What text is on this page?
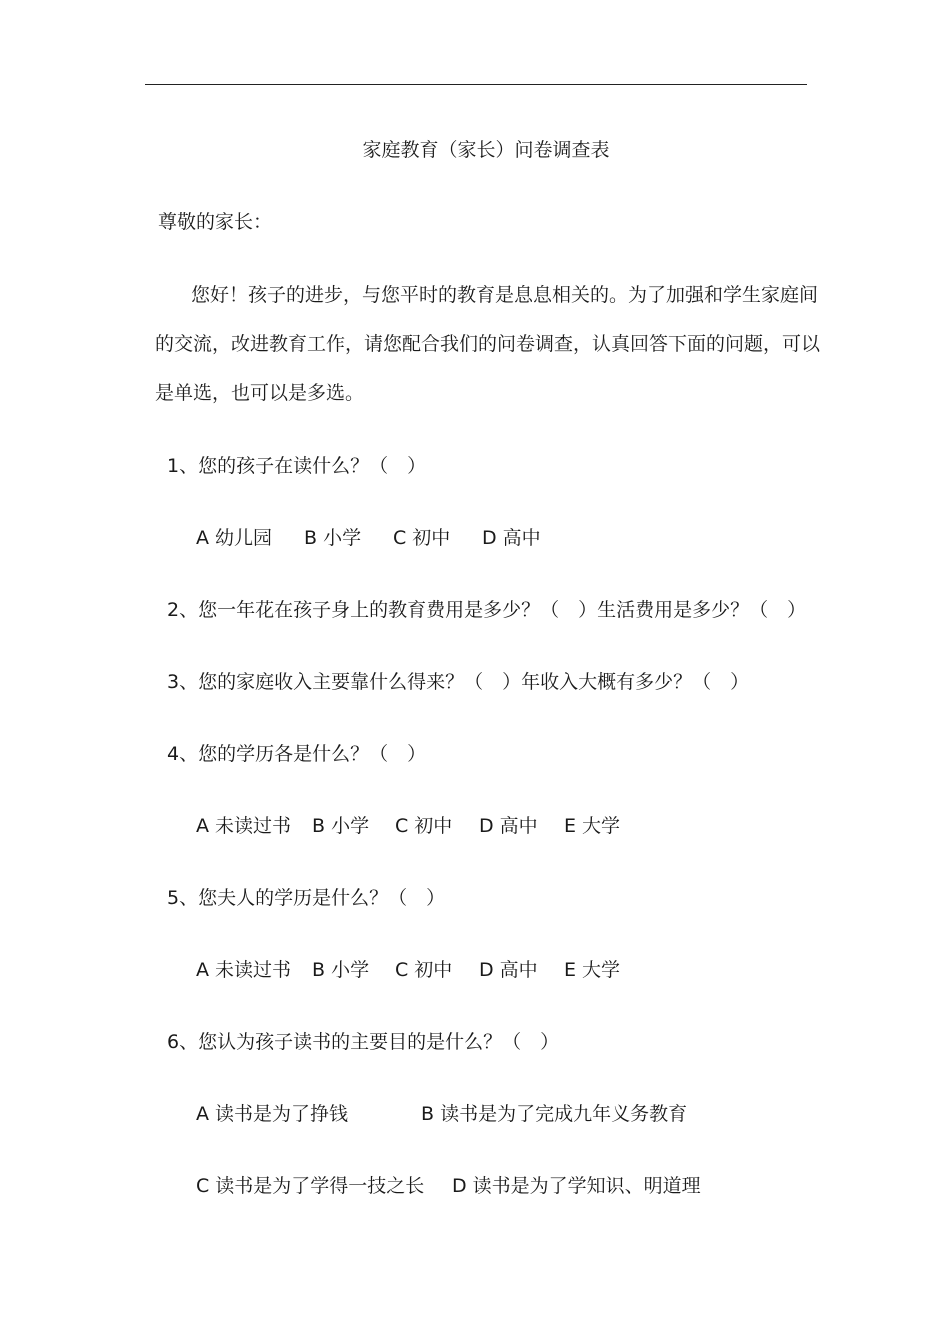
家庭教育（家长）问卷调查表
尊敬的家长：
您好！孩子的进步，与您平时的教育是息息相关的。为了加强和学生家庭间
的交流，改进教育工作，请您配合我们的问卷调查，认真回答下面的问题，可以
是单选，也可以是多选。
1、您的孩子在读什么？（　）
A 幼儿园 B 小学 C 初中 D 高中
2、您一年花在孩子身上的教育费用是多少？（　）生活费用是多少？（　）
3、您的家庭收入主要靠什么得来？（　）年收入大概有多少？（　）
4、您的学历各是什么？（　）
A 未读过书 B 小学 C 初中 D 高中 E 大学
5、您夫人的学历是什么？（　）
A 未读过书 B 小学 C 初中 D 高中 E 大学
6、您认为孩子读书的主要目的是什么？（　）
A 读书是为了挣钱	B 读书是为了完成九年义务教育
C 读书是为了学得一技之长 D 读书是为了学知识、明道理
